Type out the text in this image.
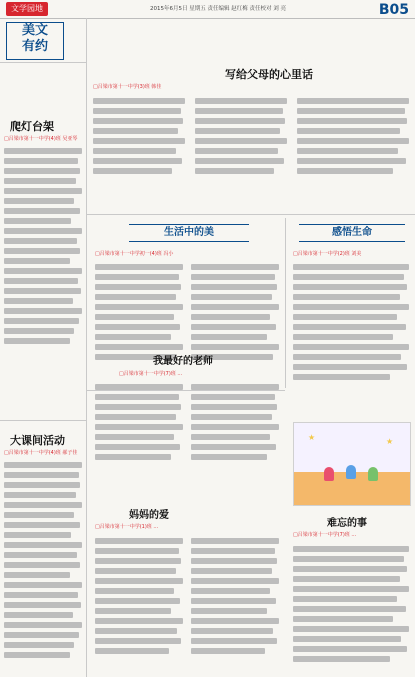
文学园地	2015年6月5日 星期五 责任编辑 赵红梅 责任校对 刘 亮	B05
美文
有约
爬灯台架
□吕梁市第十一中学(4)班 吴亚琴
大课间活动
□吕梁市第十一中学(4)班 郝子佳
写给父母的心里话
□吕梁市第十一中学(3)班 韩佳
生活中的美	感悟生命
□吕梁市第十一中学初一(4)班 冯小	□吕梁市第十一中学(2)班 刘美
我最好的老师
□吕梁市第十一中学(7)班 ...
妈妈的爱
□吕梁市第十一中学(1)班 ...
★	★
难忘的事
□吕梁市第十一中学(7)班 ...
